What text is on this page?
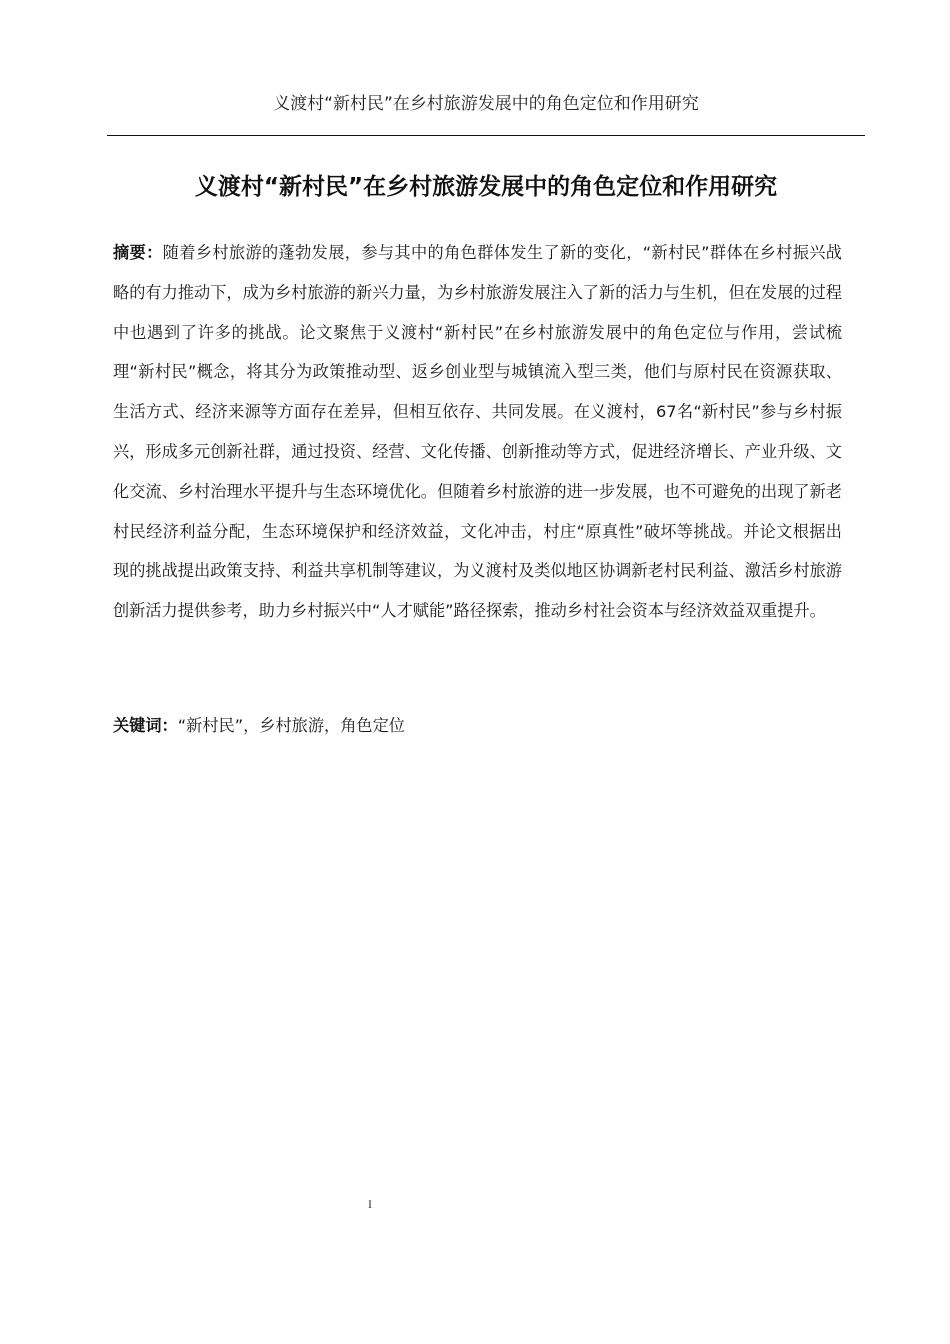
义渡村“新村民”在乡村旅游发展中的角色定位和作用研究
义渡村“新村民”在乡村旅游发展中的角色定位和作用研究
摘要：随着乡村旅游的蓬勃发展，参与其中的角色群体发生了新的变化，“新村民”群体在乡村振兴战略的有力推动下，成为乡村旅游的新兴力量，为乡村旅游发展注入了新的活力与生机，但在发展的过程中也遇到了许多的挑战。论文聚焦于义渡村“新村民”在乡村旅游发展中的角色定位与作用，尝试梳理“新村民”概念，将其分为政策推动型、返乡创业型与城镇流入型三类，他们与原村民在资源获取、生活方式、经济来源等方面存在差异，但相互依存、共同发展。在义渡村，67名“新村民”参与乡村振兴，形成多元创新社群，通过投资、经营、文化传播、创新推动等方式，促进经济增长、产业升级、文化交流、乡村治理水平提升与生态环境优化。但随着乡村旅游的进一步发展，也不可避免的出现了新老村民经济利益分配，生态环境保护和经济效益，文化冲击，村庄“原真性”破坏等挑战。并论文根据出现的挑战提出政策支持、利益共享机制等建议，为义渡村及类似地区协调新老村民利益、激活乡村旅游创新活力提供参考，助力乡村振兴中“人才赋能”路径探索，推动乡村社会资本与经济效益双重提升。
关键词：“新村民”，乡村旅游，角色定位
I
